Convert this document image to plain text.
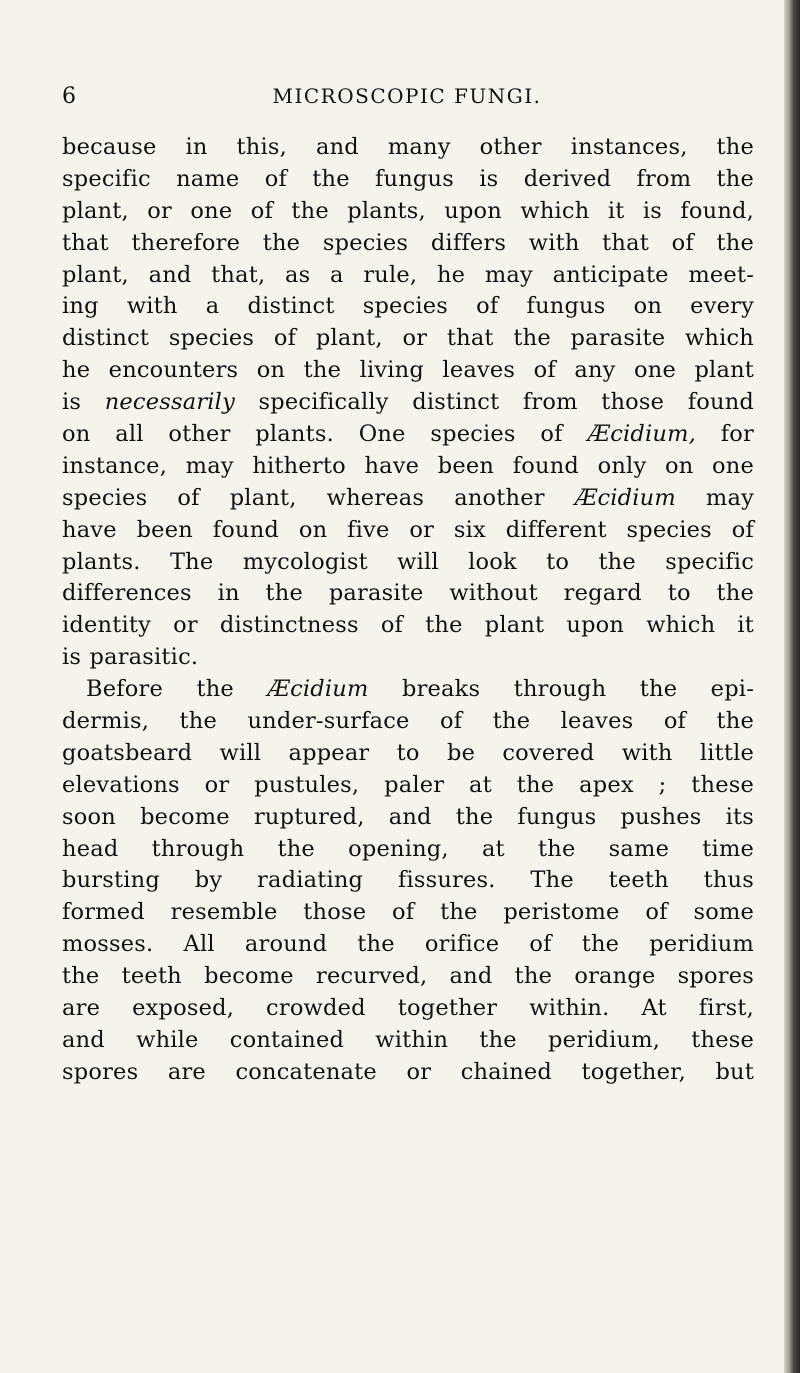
6	MICROSCOPIC FUNGI.
because in this, and many other instances, the
specific name of the fungus is derived from the
plant, or one of the plants, upon which it is found,
that therefore the species differs with that of the
plant, and that, as a rule, he may anticipate meet-
ing with a distinct species of fungus on every
distinct species of plant, or that the parasite which
he encounters on the living leaves of any one plant
is necessarily specifically distinct from those found
on all other plants. One species of Æcidium, for
instance, may hitherto have been found only on one
species of plant, whereas another Æcidium may
have been found on five or six different species of
plants. The mycologist will look to the specific
differences in the parasite without regard to the
identity or distinctness of the plant upon which it
is parasitic.
Before the Æcidium breaks through the epi-
dermis, the under-surface of the leaves of the
goatsbeard will appear to be covered with little
elevations or pustules, paler at the apex ; these
soon become ruptured, and the fungus pushes its
head through the opening, at the same time
bursting by radiating fissures. The teeth thus
formed resemble those of the peristome of some
mosses. All around the orifice of the peridium
the teeth become recurved, and the orange spores
are exposed, crowded together within. At first,
and while contained within the peridium, these
spores are concatenate or chained together, but
